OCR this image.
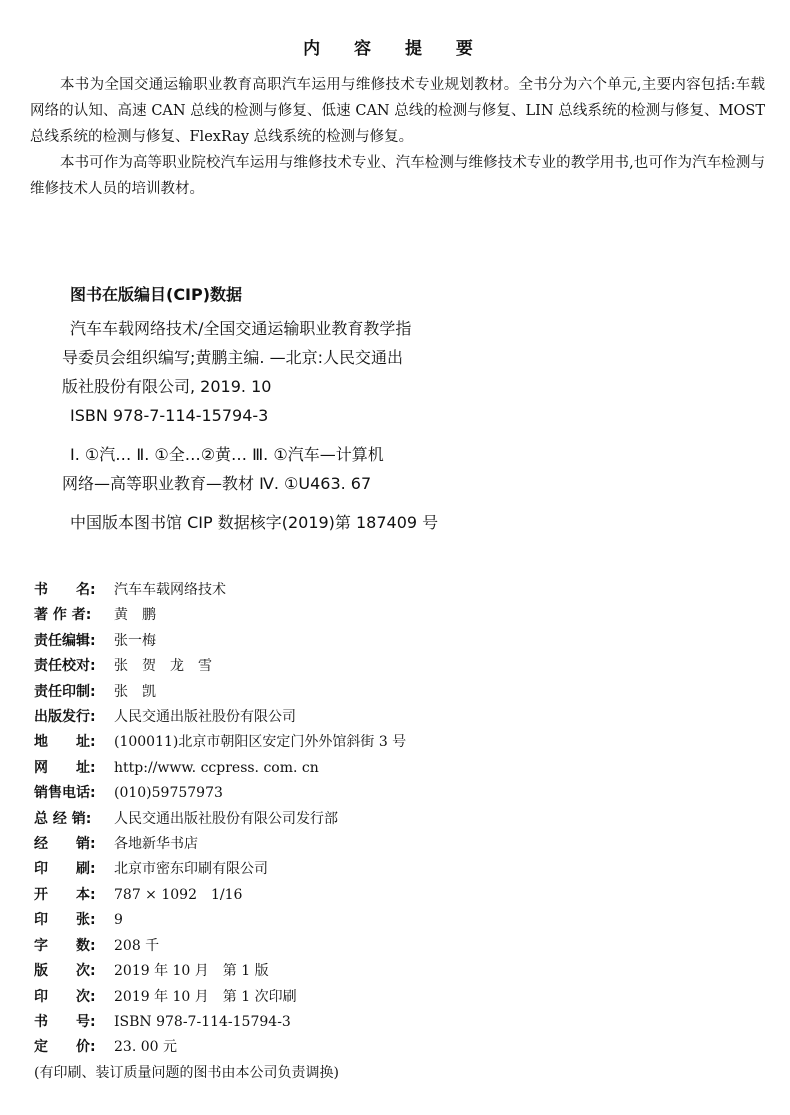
内 容 提 要

本书为全国交通运输职业教育高职汽车运用与维修技术专业规划教材。全书分为六个单元,主要内容包括:车载网络的认知、高速 CAN 总线的检测与修复、低速 CAN 总线的检测与修复、LIN 总线系统的检测与修复、MOST 总线系统的检测与修复、FlexRay 总线系统的检测与修复。

本书可作为高等职业院校汽车运用与维修技术专业、汽车检测与维修技术专业的教学用书,也可作为汽车检测与维修技术人员的培训教材。

图书在版编目(CIP)数据
汽车车载网络技术/全国交通运输职业教育教学指
导委员会组织编写;黄鹏主编. —北京:人民交通出
版社股份有限公司, 2019. 10
ISBN 978-7-114-15794-3
Ⅰ. ①汽… Ⅱ. ①全…②黄… Ⅲ. ①汽车—计算机
网络—高等职业教育—教材 Ⅳ. ①U463. 67
中国版本图书馆 CIP 数据核字(2019)第 187409 号
书　　名:	汽车车载网络技术
著 作 者:	黄　鹏
责任编辑:	张一梅
责任校对:	张　贺　龙　雪
责任印制:	张　凯
出版发行:	人民交通出版社股份有限公司
地　　址:	(100011)北京市朝阳区安定门外外馆斜街 3 号
网　　址:	http://www. ccpress. com. cn
销售电话:	(010)59757973
总 经 销:	人民交通出版社股份有限公司发行部
经　　销:	各地新华书店
印　　刷:	北京市密东印刷有限公司
开　　本:	787 × 1092　1/16
印　　张:	9
字　　数:	208 千
版　　次:	2019 年 10 月　第 1 版
印　　次:	2019 年 10 月　第 1 次印刷
书　　号:	ISBN 978-7-114-15794-3
定　　价:	23. 00 元
(有印刷、装订质量问题的图书由本公司负责调换)
